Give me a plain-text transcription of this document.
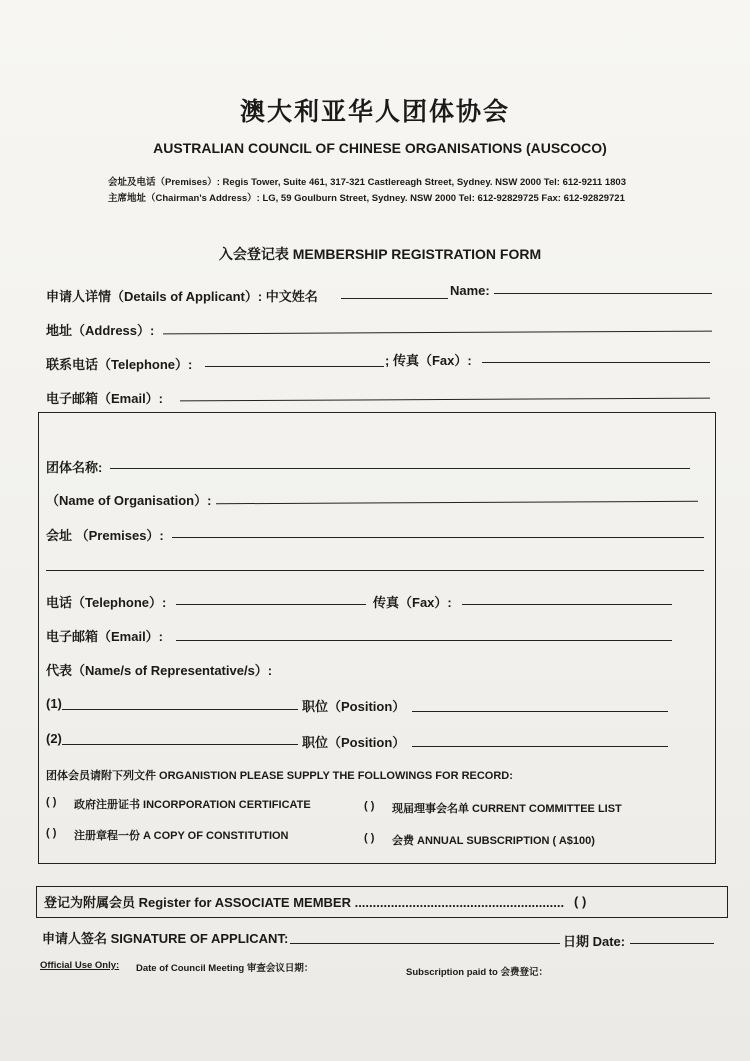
澳大利亚华人团体协会
AUSTRALIAN COUNCIL OF CHINESE ORGANISATIONS (AUSCOCO)
会址及电话（Premises）: Regis Tower, Suite 461, 317-321 Castlereagh Street, Sydney. NSW 2000 Tel: 612-9211 1803
主席地址（Chairman's Address）: LG, 59 Goulburn Street, Sydney. NSW 2000 Tel: 612-92829725 Fax: 612-92829721
入会登记表 MEMBERSHIP REGISTRATION FORM
申请人详情（Details of Applicant）: 中文姓名	Name:
地址（Address）:
联系电话（Telephone）:	; 传真（Fax）:
电子邮箱（Email）:
团体名称:
（Name of Organisation）:
会址 （Premises）:
电话（Telephone）:	传真（Fax）:
电子邮箱（Email）:
代表（Name/s of Representative/s）:
(1)	职位（Position）
(2)	职位（Position）
团体会员请附下列文件 ORGANISTION PLEASE SUPPLY THE FOLLOWINGS FOR RECORD:
( ) 政府注册证书 INCORPORATION CERTIFICATE	( ) 现届理事会名单 CURRENT COMMITTEE LIST
( ) 注册章程一份 A COPY OF CONSTITUTION	( ) 会费 ANNUAL SUBSCRIPTION ( A$100)
登记为附属会员 Register for ASSOCIATE MEMBER .......................................................... ( )
申请人签名 SIGNATURE OF APPLICANT:	日期 Date:
Official Use Only: Date of Council Meeting 审查会议日期：	Subscription paid to 会费登记：
